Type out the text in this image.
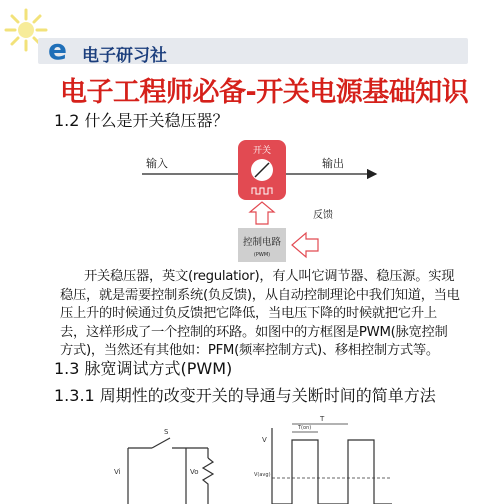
e 电子研习社
电子工程师必备-开关电源基础知识
1.2 什么是开关稳压器？
输入
开关
输出
反馈
控制电路
(PWM)
开关稳压器，英文(regulatior)，有人叫它调节器、稳压源。实现稳压，就是需要控制系统(负反馈)，从自动控制理论中我们知道，当电压上升的时候通过负反馈把它降低，当电压下降的时候就把它升上去，这样形成了一个控制的环路。如图中的方框图是PWM(脉宽控制方式)，当然还有其他如：PFM(频率控制方式)、移相控制方式等。
1.3 脉宽调试方式(PWM)
1.3.1 周期性的改变开关的导通与关断时间的简单方法
S
Vi	Vo
V
T
T(on)
V(avg)
